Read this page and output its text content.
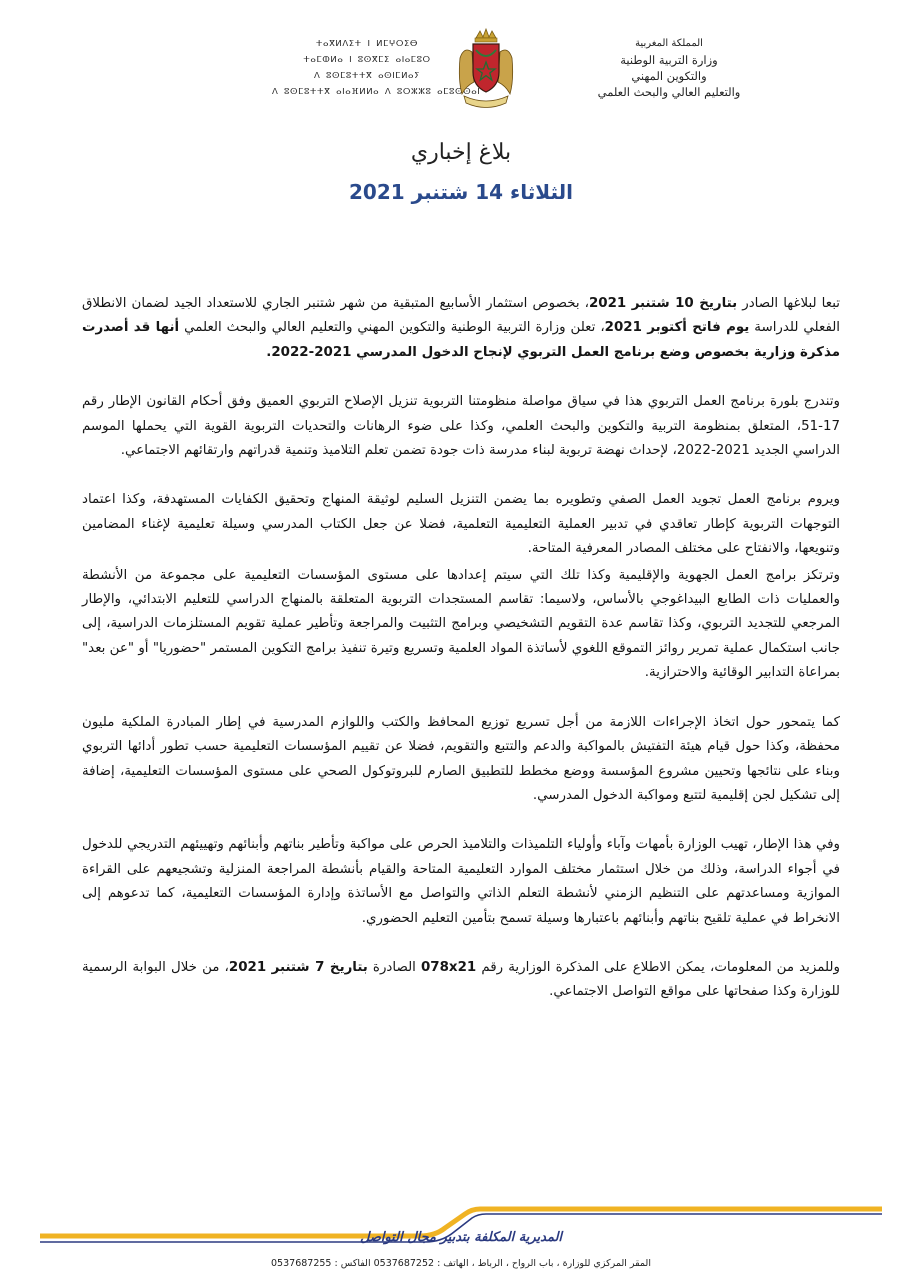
ⵜⴰⴳⵍⴷⵉⵜ ⵏ ⵍⵎⵖⵔⵉⴱ
ⵜⴰⵎⵀⵍⴰ ⵏ ⵓⵙⴳⵎⵉ ⴰⵏⴰⵎⵓⵔ
ⴷ ⵓⵙⵎⵓⵜⵜⴳ ⴰⵙⵏⵎⵍⴰⵢ
ⴷ ⵓⵙⵎⵓⵜⵜⴳ ⴰⵏⴰⴼⵍⵍⴰ ⴷ ⵓⵔⵣⵣⵓ ⴰⵎⵓⵙⵙⴰⵏ
المملكة المغربية
وزارة التربية الوطنية
والتكوين المهني
والتعليم العالي والبحث العلمي
بلاغ إخباري
الثلاثاء 14 شتنبر 2021

تبعا لبلاغها الصادر بتاريخ 10 شتنبر 2021، بخصوص استثمار الأسابيع المتبقية من شهر شتنبر الجاري للاستعداد الجيد لضمان الانطلاق الفعلي للدراسة يوم فاتح أكتوبر 2021، تعلن وزارة التربية الوطنية والتكوين المهني والتعليم العالي والبحث العلمي أنها قد أصدرت مذكرة وزارية بخصوص وضع برنامج العمل التربوي لإنجاح الدخول المدرسي 2021-2022.

وتندرج بلورة برنامج العمل التربوي هذا في سياق مواصلة منظومتنا التربوية تنزيل الإصلاح التربوي العميق وفق أحكام القانون الإطار رقم 17-51، المتعلق بمنظومة التربية والتكوين والبحث العلمي، وكذا على ضوء الرهانات والتحديات التربوية القوية التي يحملها الموسم الدراسي الجديد 2021-2022، لإحداث نهضة تربوية لبناء مدرسة ذات جودة تضمن تعلم التلاميذ وتنمية قدراتهم وارتقائهم الاجتماعي.

ويروم برنامج العمل تجويد العمل الصفي وتطويره بما يضمن التنزيل السليم لوثيقة المنهاج وتحقيق الكفايات المستهدفة، وكذا اعتماد التوجهات التربوية كإطار تعاقدي في تدبير العملية التعليمية التعلمية، فضلا عن جعل الكتاب المدرسي وسيلة تعليمية لإغناء المضامين وتنويعها، والانفتاح على مختلف المصادر المعرفية المتاحة.

وترتكز برامج العمل الجهوية والإقليمية وكذا تلك التي سيتم إعدادها على مستوى المؤسسات التعليمية على مجموعة من الأنشطة والعمليات ذات الطابع البيداغوجي بالأساس، ولاسيما: تقاسم المستجدات التربوية المتعلقة بالمنهاج الدراسي للتعليم الابتدائي، والإطار المرجعي للتجديد التربوي، وكذا تقاسم عدة التقويم التشخيصي وبرامج التثبيت والمراجعة وتأطير عملية تقويم المستلزمات الدراسية، إلى جانب استكمال عملية تمرير روائز التموقع اللغوي لأساتذة المواد العلمية وتسريع وتيرة تنفيذ برامج التكوين المستمر "حضوريا" أو "عن بعد" بمراعاة التدابير الوقائية والاحترازية.

كما يتمحور حول اتخاذ الإجراءات اللازمة من أجل تسريع توزيع المحافظ والكتب واللوازم المدرسية في إطار المبادرة الملكية مليون محفظة، وكذا حول قيام هيئة التفتيش بالمواكبة والدعم والتتبع والتقويم، فضلا عن تقييم المؤسسات التعليمية حسب تطور أدائها التربوي وبناء على نتائجها وتحيين مشروع المؤسسة ووضع مخطط للتطبيق الصارم للبروتوكول الصحي على مستوى المؤسسات التعليمية، إضافة إلى تشكيل لجن إقليمية لتتبع ومواكبة الدخول المدرسي.

وفي هذا الإطار، تهيب الوزارة بأمهات وآباء وأولياء التلميذات والتلاميذ الحرص على مواكبة وتأطير بناتهم وأبنائهم وتهييئهم التدريجي للدخول في أجواء الدراسة، وذلك من خلال استثمار مختلف الموارد التعليمية المتاحة والقيام بأنشطة المراجعة المنزلية وتشجيعهم على القراءة الموازية ومساعدتهم على التنظيم الزمني لأنشطة التعلم الذاتي والتواصل مع الأساتذة وإدارة المؤسسات التعليمية، كما تدعوهم إلى الانخراط في عملية تلقيح بناتهم وأبنائهم باعتبارها وسيلة تسمح بتأمين التعليم الحضوري.

وللمزيد من المعلومات، يمكن الاطلاع على المذكرة الوزارية رقم 078x21 الصادرة بتاريخ 7 شتنبر 2021، من خلال البوابة الرسمية للوزارة وكذا صفحاتها على مواقع التواصل الاجتماعي.

المديرية المكلفة بتدبير مجال التواصل
المقر المركزي للوزارة ، باب الرواح ، الرباط ، الهاتف : 0537687252 الفاكس : 0537687255
